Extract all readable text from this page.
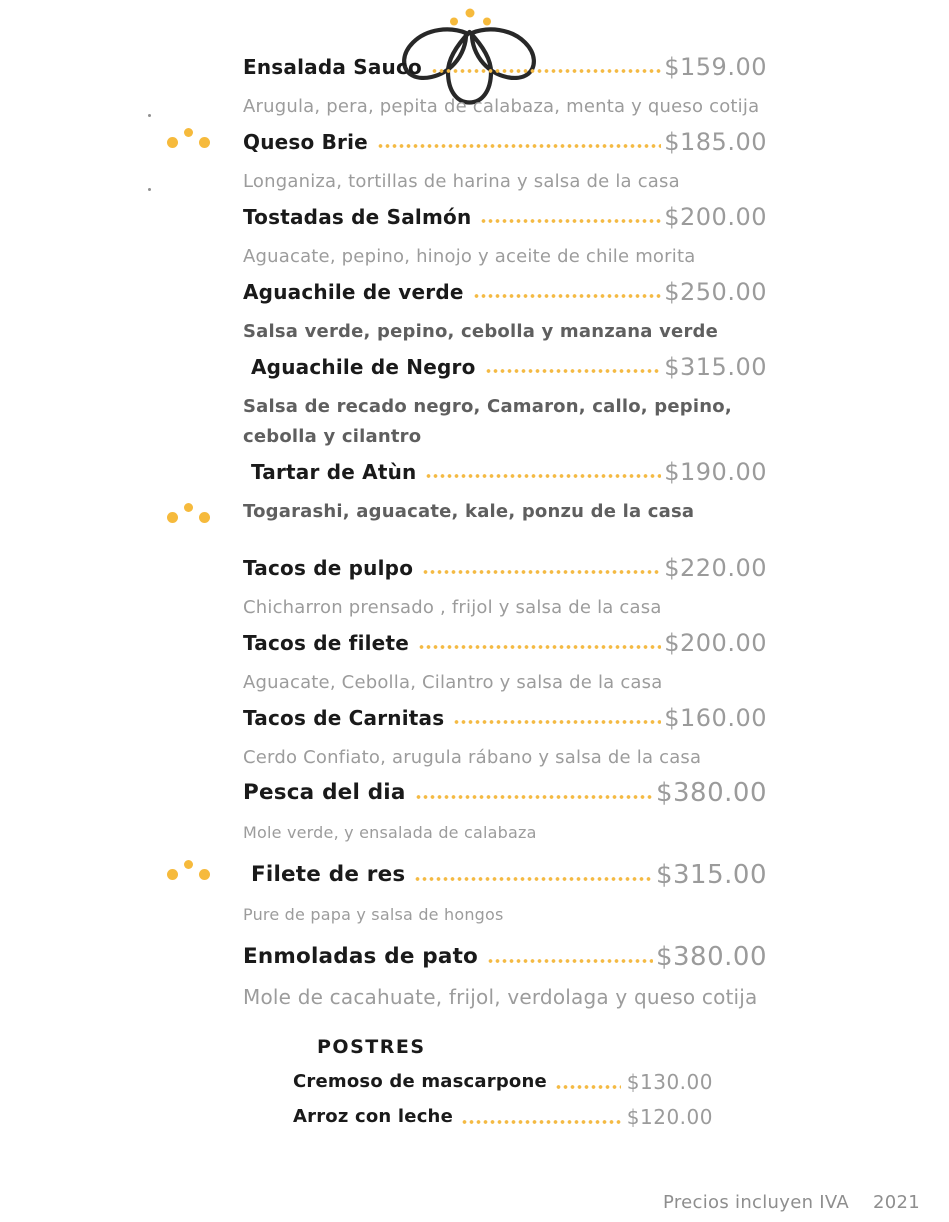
Ensalada Sauco	$159.00
Arugula, pera, pepita de calabaza, menta y queso cotija
Queso Brie	$185.00
Longaniza, tortillas de harina y salsa de la casa
Tostadas de Salmón	$200.00
Aguacate, pepino, hinojo y aceite de chile morita
Aguachile de verde	$250.00
Salsa verde, pepino, cebolla y manzana verde
Aguachile de Negro	$315.00
Salsa de recado negro, Camaron, callo, pepino, cebolla y cilantro
Tartar de Atùn	$190.00
Togarashi, aguacate, kale, ponzu de la casa
Tacos de pulpo	$220.00
Chicharron prensado , frijol y salsa de la casa
Tacos de filete	$200.00
Aguacate, Cebolla, Cilantro y salsa de la casa
Tacos de Carnitas	$160.00
Cerdo Confiato, arugula rábano y salsa de la casa
Pesca del dia	$380.00
Mole verde, y ensalada de calabaza
Filete de res	$315.00
Pure de papa y salsa de hongos
Enmoladas de pato	$380.00
Mole de cacahuate, frijol, verdolaga y queso cotija
POSTRES
Cremoso de mascarpone	$130.00
Arroz con leche	$120.00
Precios incluyen IVA 2021
